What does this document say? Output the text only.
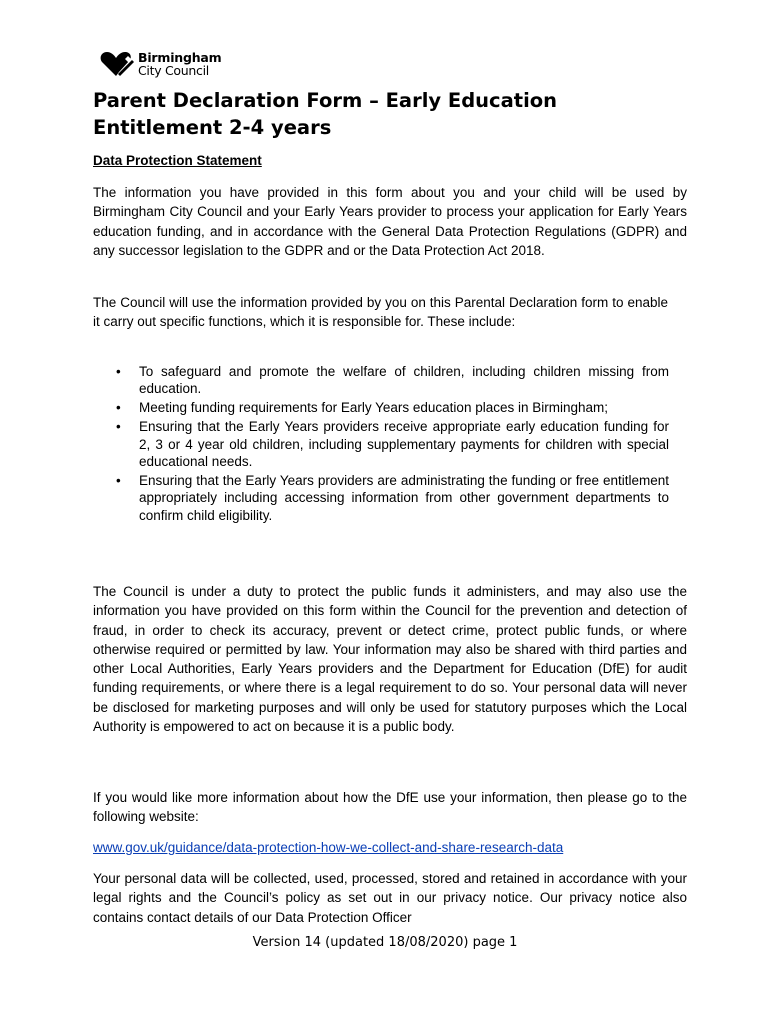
Birmingham
City Council
Parent Declaration Form – Early Education Entitlement 2-4 years
Data Protection Statement

The information you have provided in this form about you and your child will be used by Birmingham City Council and your Early Years provider to process your application for Early Years education funding, and in accordance with the General Data Protection Regulations (GDPR) and any successor legislation to the GDPR and or the Data Protection Act 2018.

The Council will use the information provided by you on this Parental Declaration form to enable it carry out specific functions, which it is responsible for. These include:

• To safeguard and promote the welfare of children, including children missing from education.
• Meeting funding requirements for Early Years education places in Birmingham;
• Ensuring that the Early Years providers receive appropriate early education funding for 2, 3 or 4 year old children, including supplementary payments for children with special educational needs.
• Ensuring that the Early Years providers are administrating the funding or free entitlement appropriately including accessing information from other government departments to confirm child eligibility.

The Council is under a duty to protect the public funds it administers, and may also use the information you have provided on this form within the Council for the prevention and detection of fraud, in order to check its accuracy, prevent or detect crime, protect public funds, or where otherwise required or permitted by law. Your information may also be shared with third parties and other Local Authorities, Early Years providers and the Department for Education (DfE) for audit funding requirements, or where there is a legal requirement to do so. Your personal data will never be disclosed for marketing purposes and will only be used for statutory purposes which the Local Authority is empowered to act on because it is a public body.

If you would like more information about how the DfE use your information, then please go to the following website:

www.gov.uk/guidance/data-protection-how-we-collect-and-share-research-data

Your personal data will be collected, used, processed, stored and retained in accordance with your legal rights and the Council’s policy as set out in our privacy notice. Our privacy notice also contains contact details of our Data Protection Officer

Version 14 (updated 18/08/2020) page 1
